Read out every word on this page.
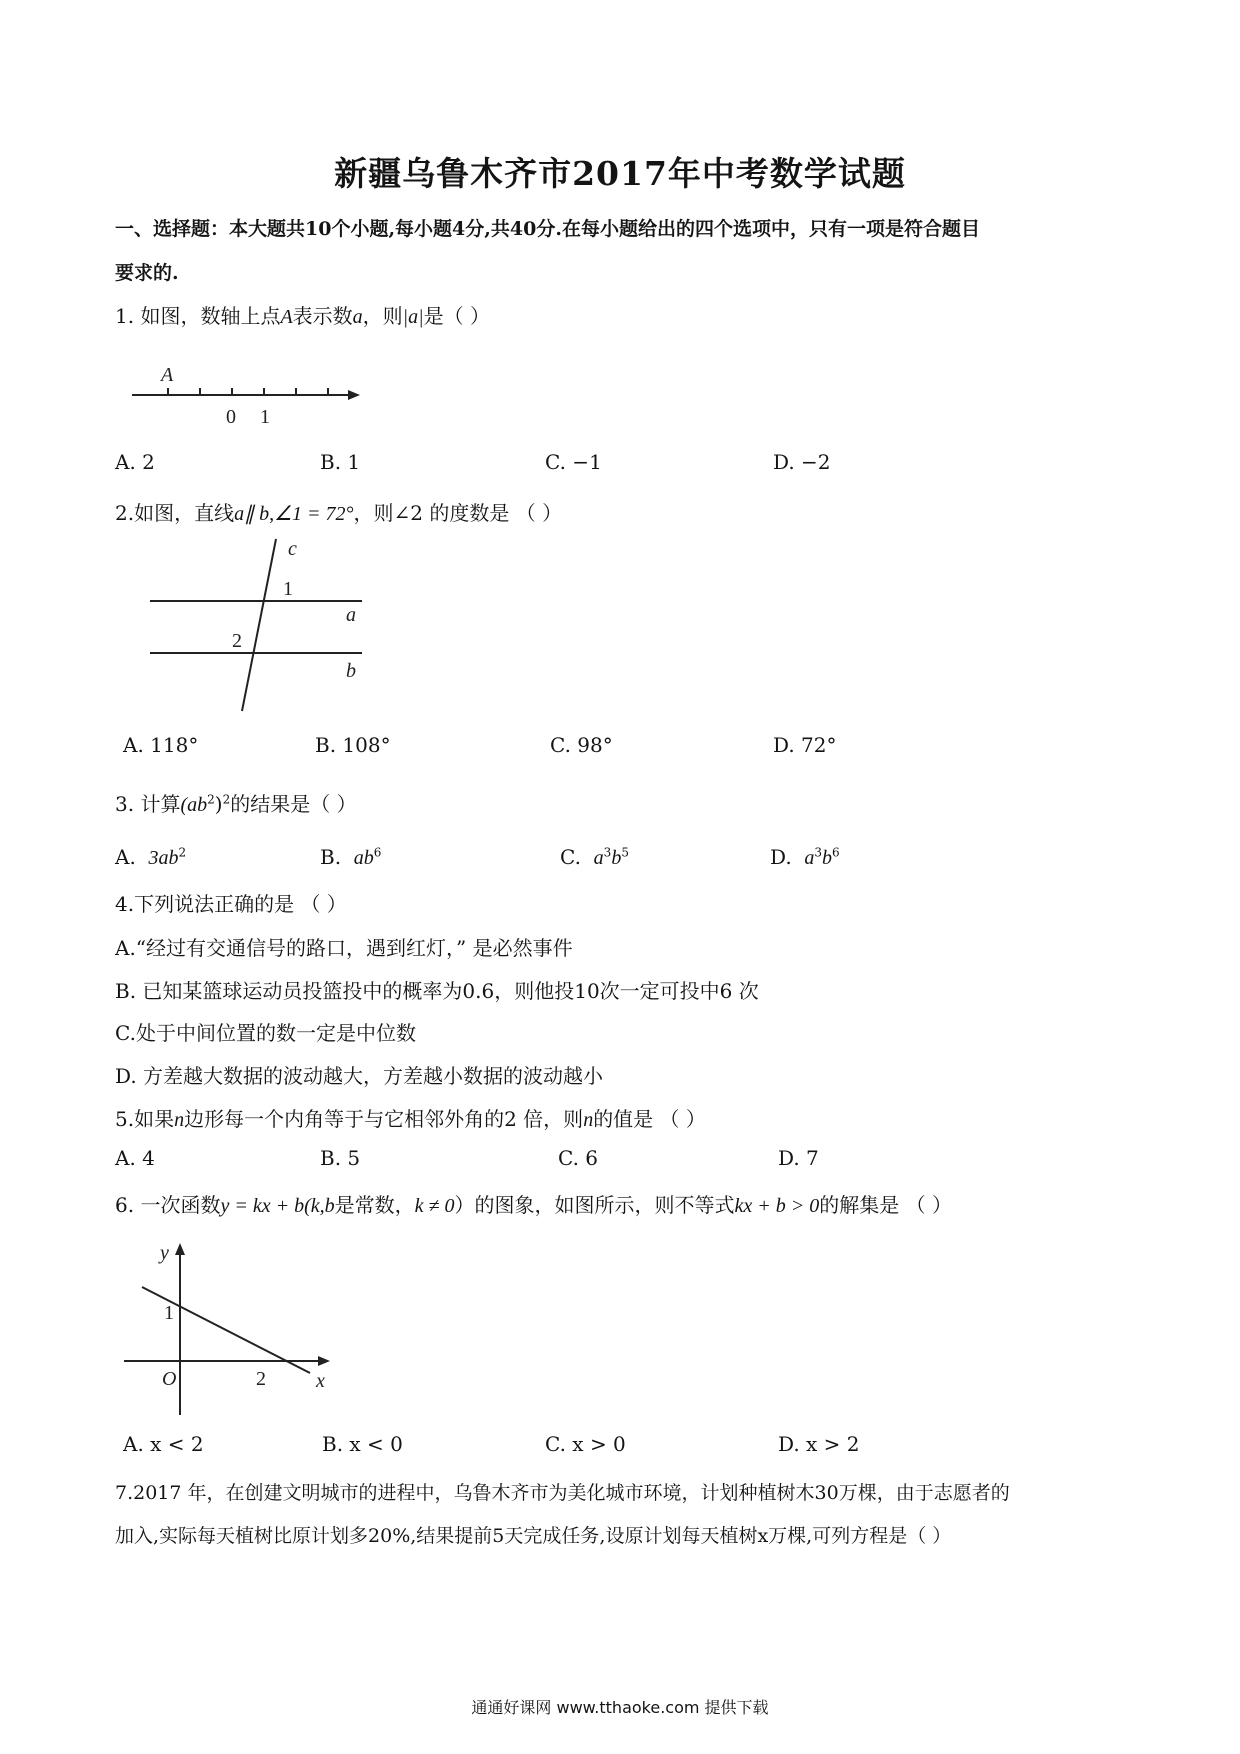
新疆乌鲁木齐市2017年中考数学试题
一、选择题：本大题共10个小题,每小题4分,共40分.在每小题给出的四个选项中，只有一项是符合题目
要求的.
1. 如图，数轴上点A表示数a，则|a|是（ ）
A
0 1
A. 2	B. 1	C. −1	D. −2
2.如图，直线a∥ b,∠1 = 72°，则∠2 的度数是 （ ）
c
a
b
1
2
A. 118°	B. 108°	C. 98°	D. 72°
3. 计算$(ab^2)^2$的结果是（ ）
A. $3ab^2$	B. $ab^6$	C. $a^3b^5$	D. $a^3b^6$
4.下列说法正确的是 （ ）
A.“经过有交通信号的路口，遇到红灯，” 是必然事件
B. 已知某篮球运动员投篮投中的概率为0.6，则他投10次一定可投中6 次
C.处于中间位置的数一定是中位数
D. 方差越大数据的波动越大，方差越小数据的波动越小
5.如果n边形每一个内角等于与它相邻外角的2 倍，则n的值是 （ ）
A. 4	B. 5	C. 6	D. 7
6. 一次函数y = kx + b(k,b是常数，k ≠ 0）的图象，如图所示，则不等式kx + b > 0的解集是 （ ）
y
x
O
1
2
A. x < 2	B. x < 0	C. x > 0	D. x > 2
7.2017 年，在创建文明城市的进程中，乌鲁木齐市为美化城市环境，计划种植树木30万棵，由于志愿者的
加入,实际每天植树比原计划多20%,结果提前5天完成任务,设原计划每天植树x万棵,可列方程是（ ）
通通好课网 www.tthaoke.com 提供下载
